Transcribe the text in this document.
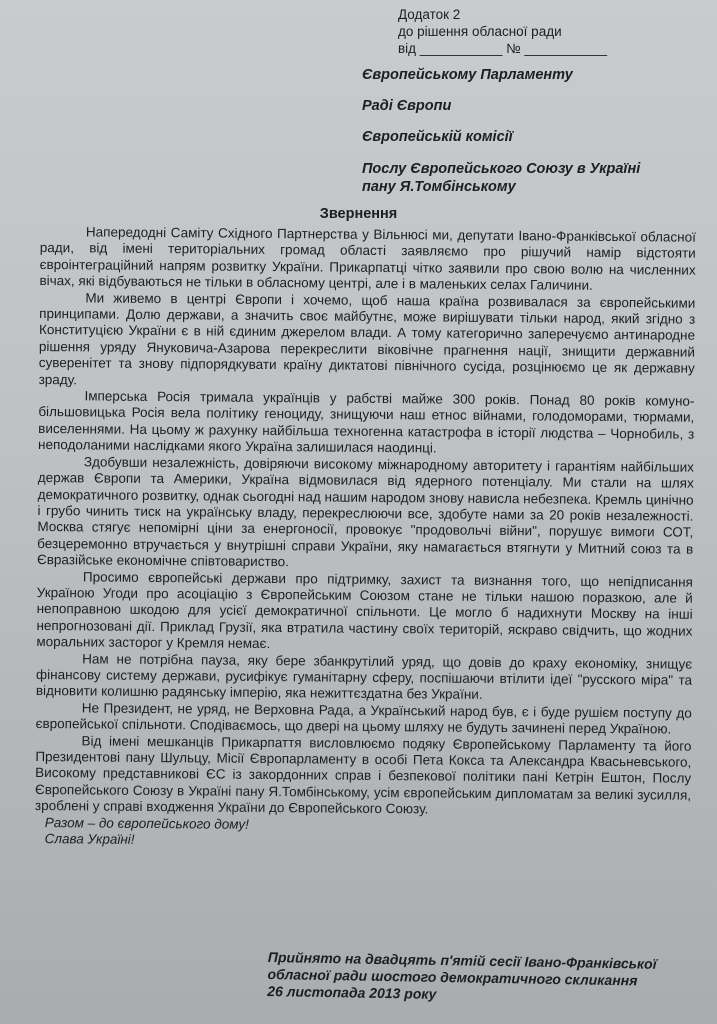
Додаток 2
до рішення обласної ради
від ___________ № ___________
Європейському Парламенту
Раді Європи
Європейській комісії
Послу Європейського Союзу в Україні
пану Я.Томбінському
Звернення

Напередодні Саміту Східного Партнерства у Вільнюсі ми, депутати Івано-Франківської обласної ради, від імені територіальних громад області заявляємо про рішучий намір відстояти євроінтеграційний напрям розвитку України. Прикарпатці чітко заявили про свою волю на численних вічах, які відбуваються не тільки в обласному центрі, але і в маленьких селах Галичини.

Ми живемо в центрі Європи і хочемо, щоб наша країна розвивалася за європейськими принципами. Долю держави, а значить своє майбутнє, може вирішувати тільки народ, який згідно з Конституцією України є в ній єдиним джерелом влади. А тому категорично заперечуємо антинародне рішення уряду Януковича-Азарова перекреслити віковічне прагнення нації, знищити державний суверенітет та знову підпорядкувати країну диктатові північного сусіда, розцінюємо це як державну зраду.

Імперська Росія тримала українців у рабстві майже 300 років. Понад 80 років комуно-більшовицька Росія вела політику геноциду, знищуючи наш етнос війнами, голодоморами, тюрмами, виселеннями. На цьому ж рахунку найбільша техногенна катастрофа в історії людства – Чорнобиль, з неподоланими наслідками якого Україна залишилася наодинці.

Здобувши незалежність, довіряючи високому міжнародному авторитету і гарантіям найбільших держав Європи та Америки, Україна відмовилася від ядерного потенціалу. Ми стали на шлях демократичного розвитку, однак сьогодні над нашим народом знову нависла небезпека. Кремль цинічно і грубо чинить тиск на українську владу, перекреслюючи все, здобуте нами за 20 років незалежності. Москва стягує непомірні ціни за енергоносії, провокує "продовольчі війни", порушує вимоги СОТ, безцеремонно втручається у внутрішні справи України, яку намагається втягнути у Митний союз та в Євразійське економічне співтовариство.

Просимо європейські держави про підтримку, захист та визнання того, що непідписання Україною Угоди про асоціацію з Європейським Союзом стане не тільки нашою поразкою, але й непоправною шкодою для усієї демократичної спільноти. Це могло б надихнути Москву на інші непрогнозовані дії. Приклад Грузії, яка втратила частину своїх територій, яскраво свідчить, що жодних моральних засторог у Кремля немає.

Нам не потрібна пауза, яку бере збанкрутілий уряд, що довів до краху економіку, знищує фінансову систему держави, русифікує гуманітарну сферу, поспішаючи втілити ідеї "русского міра" та відновити колишню радянську імперію, яка нежиттєздатна без України.

Не Президент, не уряд, не Верховна Рада, а Український народ був, є і буде рушієм поступу до європейської спільноти. Сподіваємось, що двері на цьому шляху не будуть зачинені перед Україною.

Від імені мешканців Прикарпаття висловлюємо подяку Європейському Парламенту та його Президентові пану Шульцу, Місії Європарламенту в особі Пета Кокса та Александра Квасьневського, Високому представникові ЄС із закордонних справ і безпекової політики пані Кетрін Ештон, Послу Європейського Союзу в Україні пану Я.Томбінському, усім європейським дипломатам за великі зусилля, зроблені у справі входження України до Європейського Союзу.

Разом – до європейського дому!
Слава Україні!
Прийнято на двадцять п'ятій сесії Івано-Франківської
обласної ради шостого демократичного скликання
26 листопада 2013 року
